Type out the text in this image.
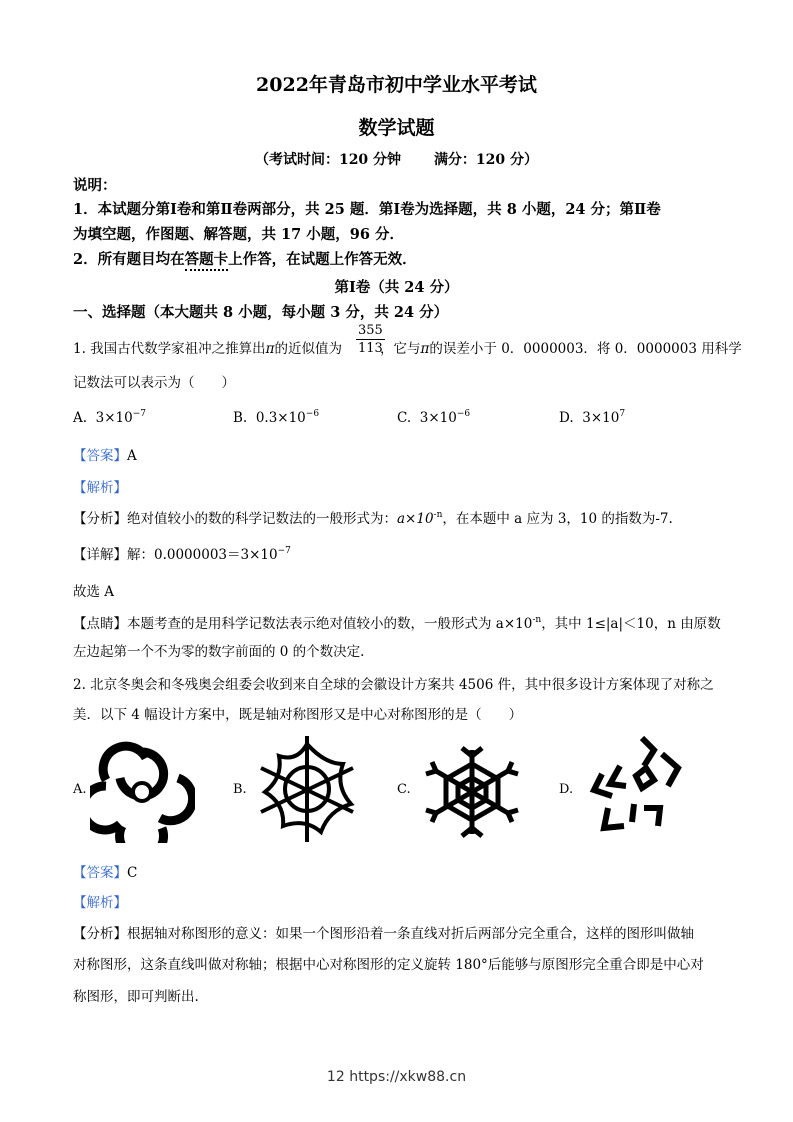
2022年青岛市初中学业水平考试
数学试题
（考试时间：120 分钟 满分：120 分）
说明：
1．本试题分第Ⅰ卷和第Ⅱ卷两部分，共 25 题．第Ⅰ卷为选择题，共 8 小题，24 分；第Ⅱ卷
为填空题，作图题、解答题，共 17 小题，96 分．
2．所有题目均在答题卡上作答，在试题上作答无效．
第Ⅰ卷（共 24 分）
一、选择题（本大题共 8 小题，每小题 3 分，共 24 分）
1. 我国古代数学家祖冲之推算出π的近似值为	，它与π的误差小于 0．0000003．将 0．0000003 用科学
$\frac{355}{113}$
记数法可以表示为（　　）
A. $3\times 10^{-7}$	B. $0.3\times 10^{-6}$	C. $3\times 10^{-6}$	D. $3\times 10^7$
【答案】A
【解析】
【分析】绝对值较小的数的科学记数法的一般形式为：$a\times 10^{-n}$，在本题中 a 应为 3，10 的指数为-7.
【详解】解：$0.0000003=3\times 10^{-7}$
故选 A
【点睛】本题考查的是用科学记数法表示绝对值较小的数，一般形式为 $a\times 10^{-n}$，其中 1≤|a|＜10，n 由原数
左边起第一个不为零的数字前面的 0 的个数决定.
2. 北京冬奥会和冬残奥会组委会收到来自全球的会徽设计方案共 4506 件，其中很多设计方案体现了对称之
美．以下 4 幅设计方案中，既是轴对称图形又是中心对称图形的是（　　）
A.	B.	C.	D.
【答案】C
【解析】
【分析】根据轴对称图形的意义：如果一个图形沿着一条直线对折后两部分完全重合，这样的图形叫做轴
对称图形，这条直线叫做对称轴；根据中心对称图形的定义旋转 180°后能够与原图形完全重合即是中心对
称图形，即可判断出.
12 https://xkw88.cn
